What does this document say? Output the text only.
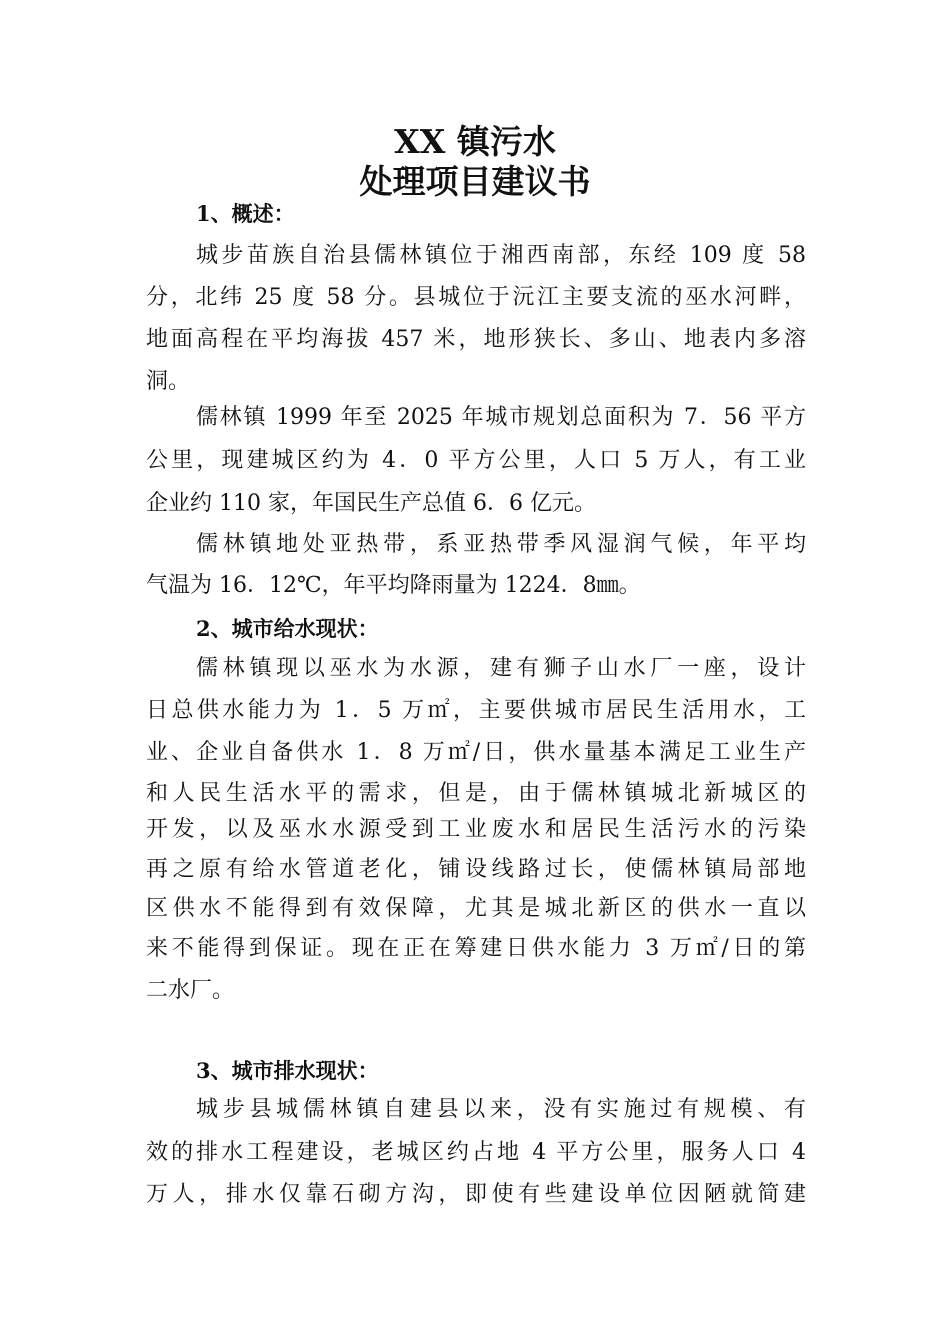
XX 镇污水
处理项目建议书
1、概述：
城步苗族自治县儒林镇位于湘西南部，东经 109 度 58
分，北纬 25 度 58 分。县城位于沅江主要支流的巫水河畔，
地面高程在平均海拔 457 米，地形狭长、多山、地表内多溶
洞。
儒林镇 1999 年至 2025 年城市规划总面积为 7．56 平方
公里，现建城区约为 4．0 平方公里，人口 5 万人，有工业
企业约 110 家，年国民生产总值 6．6 亿元。
儒林镇地处亚热带，系亚热带季风湿润气候，年平均
气温为 16．12℃，年平均降雨量为 1224．8㎜。
2、城市给水现状：
儒林镇现以巫水为水源，建有狮子山水厂一座，设计
日总供水能力为 1．5 万㎡，主要供城市居民生活用水，工
业、企业自备供水 1．8 万㎡/日，供水量基本满足工业生产
和人民生活水平的需求，但是，由于儒林镇城北新城区的
开发，以及巫水水源受到工业废水和居民生活污水的污染
再之原有给水管道老化，铺设线路过长，使儒林镇局部地
区供水不能得到有效保障，尤其是城北新区的供水一直以
来不能得到保证。现在正在筹建日供水能力 3 万㎡/日的第
二水厂。
3、城市排水现状：
城步县城儒林镇自建县以来，没有实施过有规模、有
效的排水工程建设，老城区约占地 4 平方公里，服务人口 4
万人，排水仅靠石砌方沟，即使有些建设单位因陋就简建
